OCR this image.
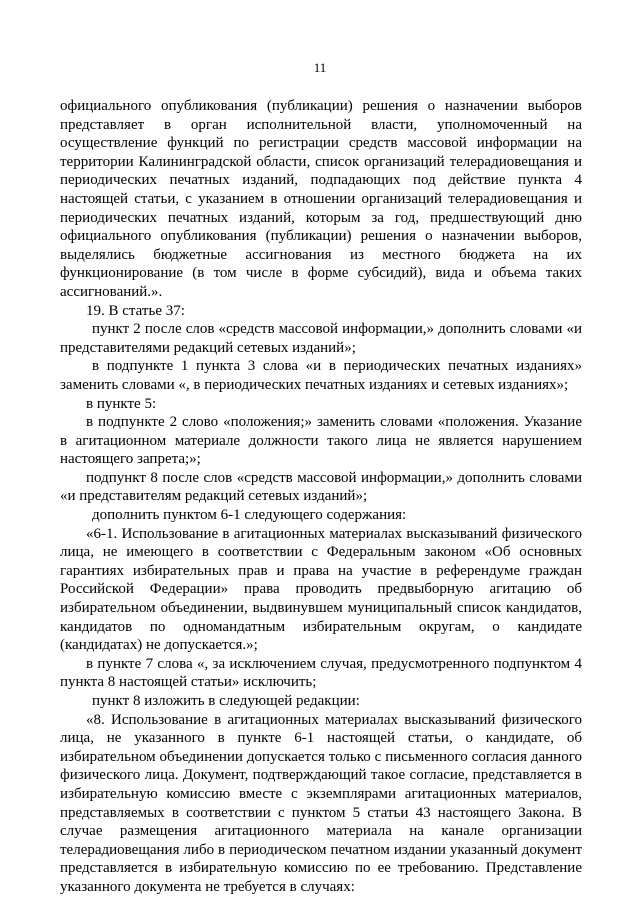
11

официального опубликования (публикации) решения о назначении выборов представляет в орган исполнительной власти, уполномоченный на осуществление функций по регистрации средств массовой информации на территории Калининградской области, список организаций телерадиовещания и периодических печатных изданий, подпадающих под действие пункта 4 настоящей статьи, с указанием в отношении организаций телерадиовещания и периодических печатных изданий, которым за год, предшествующий дню официального опубликования (публикации) решения о назначении выборов, выделялись бюджетные ассигнования из местного бюджета на их функционирование (в том числе в форме субсидий), вида и объема таких ассигнований.».

19. В статье 37:

пункт 2 после слов «средств массовой информации,» дополнить словами «и представителями редакций сетевых изданий»;

в подпункте 1 пункта 3 слова «и в периодических печатных изданиях» заменить словами «, в периодических печатных изданиях и сетевых изданиях»;

в пункте 5:

в подпункте 2 слово «положения;» заменить словами «положения. Указание в агитационном материале должности такого лица не является нарушением настоящего запрета;»;

подпункт 8 после слов «средств массовой информации,» дополнить словами «и представителям редакций сетевых изданий»;

дополнить пунктом 6-1 следующего содержания:

«6-1. Использование в агитационных материалах высказываний физического лица, не имеющего в соответствии с Федеральным законом «Об основных гарантиях избирательных прав и права на участие в референдуме граждан Российской Федерации» права проводить предвыборную агитацию об избирательном объединении, выдвинувшем муниципальный список кандидатов, кандидатов по одномандатным избирательным округам, о кандидате (кандидатах) не допускается.»;

в пункте 7 слова «, за исключением случая, предусмотренного подпунктом 4 пункта 8 настоящей статьи» исключить;

пункт 8 изложить в следующей редакции:

«8. Использование в агитационных материалах высказываний физического лица, не указанного в пункте 6-1 настоящей статьи, о кандидате, об избирательном объединении допускается только с письменного согласия данного физического лица. Документ, подтверждающий такое согласие, представляется в избирательную комиссию вместе с экземплярами агитационных материалов, представляемых в соответствии с пунктом 5 статьи 43 настоящего Закона. В случае размещения агитационного материала на канале организации телерадиовещания либо в периодическом печатном издании указанный документ представляется в избирательную комиссию по ее требованию. Представление указанного документа не требуется в случаях:
